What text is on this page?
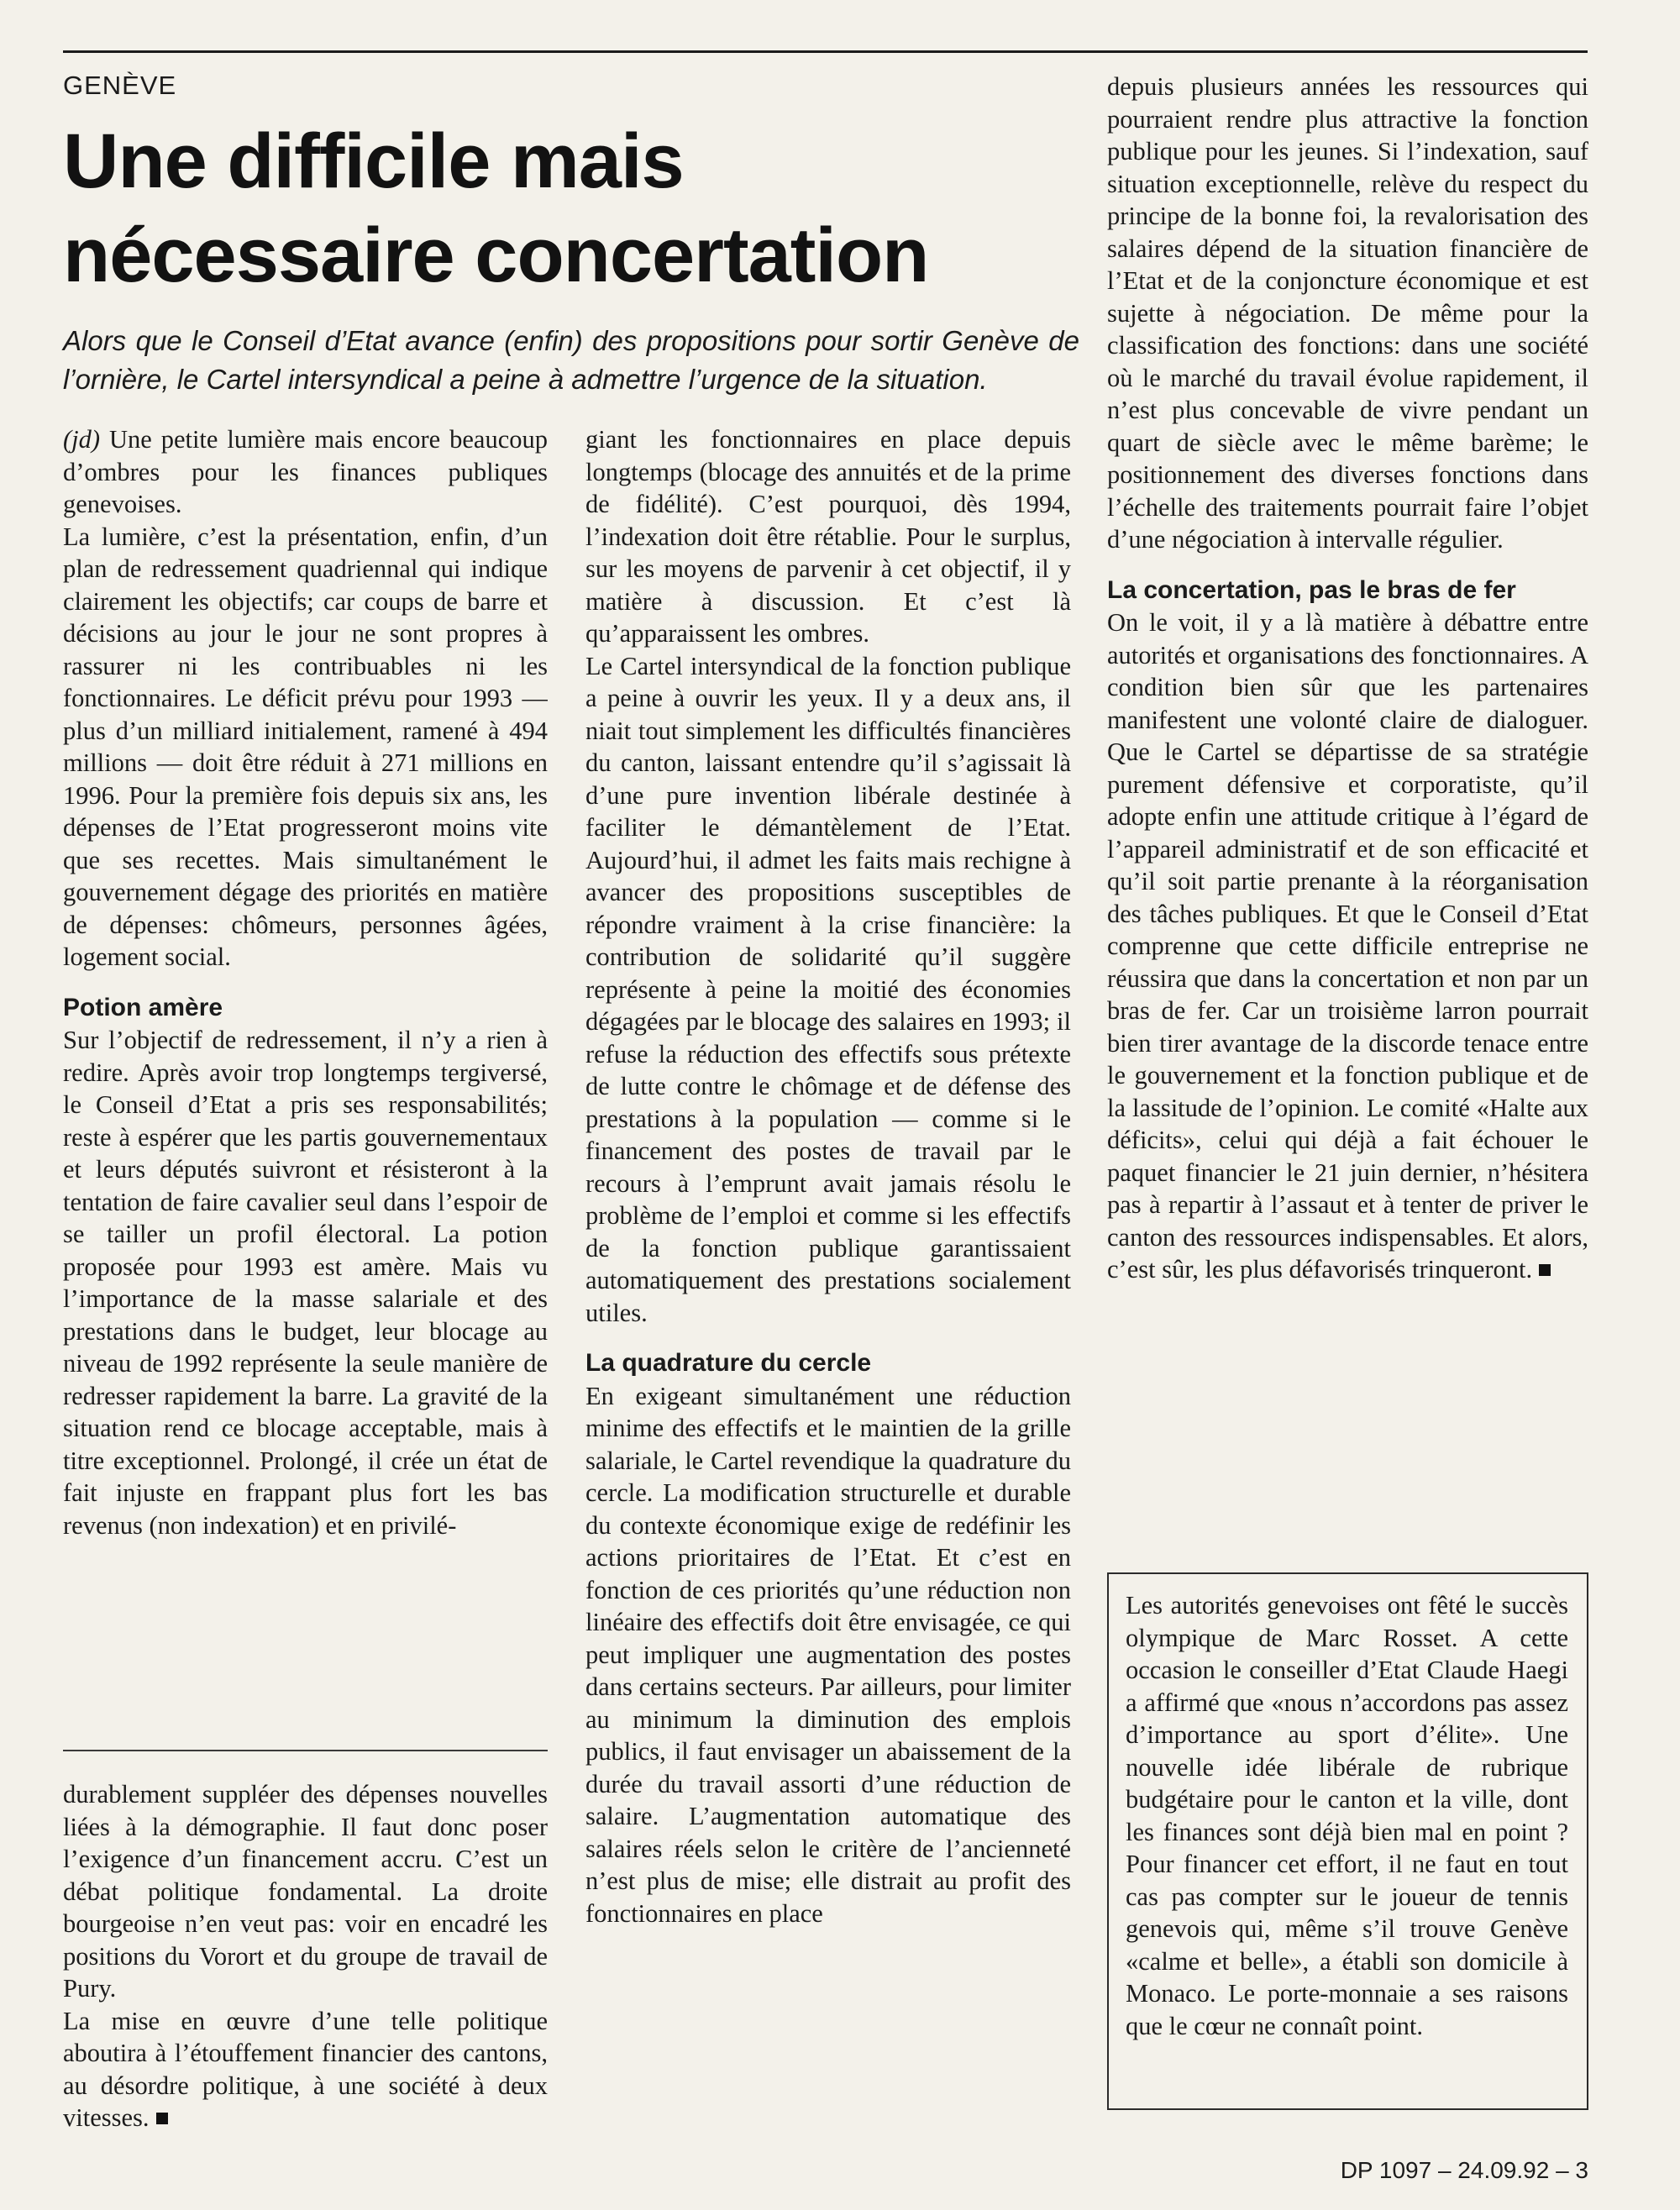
GENÈVE
Une difficile mais nécessaire concertation

Alors que le Conseil d’Etat avance (enfin) des propositions pour sortir Genève de l’ornière, le Cartel intersyndical a peine à admettre l’urgence de la situation.

(jd) Une petite lumière mais encore beaucoup d’ombres pour les finances publiques genevoises.

La lumière, c’est la présentation, enfin, d’un plan de redressement quadriennal qui indique clairement les objectifs; car coups de barre et décisions au jour le jour ne sont propres à rassurer ni les contribuables ni les fonctionnaires. Le déficit prévu pour 1993 — plus d’un milliard initialement, ramené à 494 millions — doit être réduit à 271 millions en 1996. Pour la première fois depuis six ans, les dépenses de l’Etat progresseront moins vite que ses recettes. Mais simultanément le gouvernement dégage des priorités en matière de dépenses: chômeurs, personnes âgées, logement social.

Potion amère

Sur l’objectif de redressement, il n’y a rien à redire. Après avoir trop longtemps tergiversé, le Conseil d’Etat a pris ses responsabilités; reste à espérer que les partis gouvernementaux et leurs députés suivront et résisteront à la tentation de faire cavalier seul dans l’espoir de se tailler un profil électoral. La potion proposée pour 1993 est amère. Mais vu l’importance de la masse salariale et des prestations dans le budget, leur blocage au niveau de 1992 représente la seule manière de redresser rapidement la barre. La gravité de la situation rend ce blocage acceptable, mais à titre exceptionnel. Prolongé, il crée un état de fait injuste en frappant plus fort les bas revenus (non indexation) et en privilé-

durablement suppléer des dépenses nouvelles liées à la démographie. Il faut donc poser l’exigence d’un financement accru. C’est un débat politique fondamental. La droite bourgeoise n’en veut pas: voir en encadré les positions du Vorort et du groupe de travail de Pury.

La mise en œuvre d’une telle politique aboutira à l’étouffement financier des cantons, au désordre politique, à une société à deux vitesses.

giant les fonctionnaires en place depuis longtemps (blocage des annuités et de la prime de fidélité). C’est pourquoi, dès 1994, l’indexation doit être rétablie. Pour le surplus, sur les moyens de parvenir à cet objectif, il y matière à discussion. Et c’est là qu’apparaissent les ombres.

Le Cartel intersyndical de la fonction publique a peine à ouvrir les yeux. Il y a deux ans, il niait tout simplement les difficultés financières du canton, laissant entendre qu’il s’agissait là d’une pure invention libérale destinée à faciliter le démantèlement de l’Etat. Aujourd’hui, il admet les faits mais rechigne à avancer des propositions susceptibles de répondre vraiment à la crise financière: la contribution de solidarité qu’il suggère représente à peine la moitié des économies dégagées par le blocage des salaires en 1993; il refuse la réduction des effectifs sous prétexte de lutte contre le chômage et de défense des prestations à la population — comme si le financement des postes de travail par le recours à l’emprunt avait jamais résolu le problème de l’emploi et comme si les effectifs de la fonction publique garantissaient automatiquement des prestations socialement utiles.

La quadrature du cercle

En exigeant simultanément une réduction minime des effectifs et le maintien de la grille salariale, le Cartel revendique la quadrature du cercle. La modification structurelle et durable du contexte économique exige de redéfinir les actions prioritaires de l’Etat. Et c’est en fonction de ces priorités qu’une réduction non linéaire des effectifs doit être envisagée, ce qui peut impliquer une augmentation des postes dans certains secteurs. Par ailleurs, pour limiter au minimum la diminution des emplois publics, il faut envisager un abaissement de la durée du travail assorti d’une réduction de salaire. L’augmentation automatique des salaires réels selon le critère de l’ancienneté n’est plus de mise; elle distrait au profit des fonctionnaires en place

depuis plusieurs années les ressources qui pourraient rendre plus attractive la fonction publique pour les jeunes. Si l’indexation, sauf situation exceptionnelle, relève du respect du principe de la bonne foi, la revalorisation des salaires dépend de la situation financière de l’Etat et de la conjoncture économique et est sujette à négociation. De même pour la classification des fonctions: dans une société où le marché du travail évolue rapidement, il n’est plus concevable de vivre pendant un quart de siècle avec le même barème; le positionnement des diverses fonctions dans l’échelle des traitements pourrait faire l’objet d’une négociation à intervalle régulier.

La concertation, pas le bras de fer

On le voit, il y a là matière à débattre entre autorités et organisations des fonctionnaires. A condition bien sûr que les partenaires manifestent une volonté claire de dialoguer. Que le Cartel se départisse de sa stratégie purement défensive et corporatiste, qu’il adopte enfin une attitude critique à l’égard de l’appareil administratif et de son efficacité et qu’il soit partie prenante à la réorganisation des tâches publiques. Et que le Conseil d’Etat comprenne que cette difficile entreprise ne réussira que dans la concertation et non par un bras de fer. Car un troisième larron pourrait bien tirer avantage de la discorde tenace entre le gouvernement et la fonction publique et de la lassitude de l’opinion. Le comité «Halte aux déficits», celui qui déjà a fait échouer le paquet financier le 21 juin dernier, n’hésitera pas à repartir à l’assaut et à tenter de priver le canton des ressources indispensables. Et alors, c’est sûr, les plus défavorisés trinqueront.

Les autorités genevoises ont fêté le succès olympique de Marc Rosset. A cette occasion le conseiller d’Etat Claude Haegi a affirmé que «nous n’accordons pas assez d’importance au sport d’élite». Une nouvelle idée libérale de rubrique budgétaire pour le canton et la ville, dont les finances sont déjà bien mal en point ? Pour financer cet effort, il ne faut en tout cas pas compter sur le joueur de tennis genevois qui, même s’il trouve Genève «calme et belle», a établi son domicile à Monaco. Le porte-monnaie a ses raisons que le cœur ne connaît point.

DP 1097 – 24.09.92 – 3
